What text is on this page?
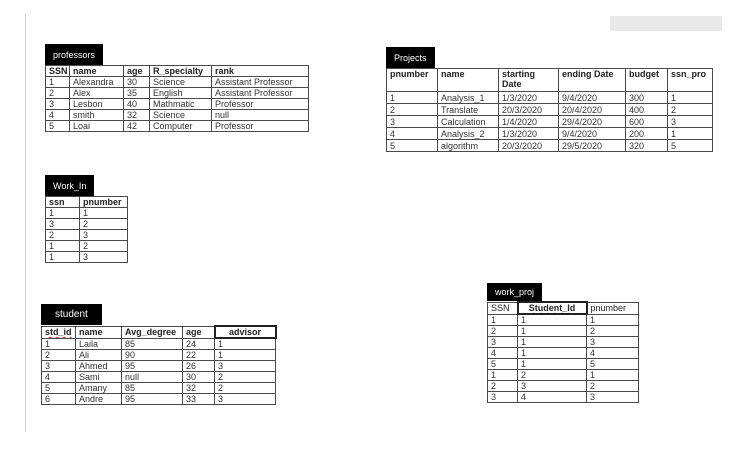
professors
SSN	name	age	R_specialty	rank
1	Alexandra	30	Science	Assistant Professor
2	Alex	35	English	Assistant Professor
3	Lesbon	40	Mathmatic	Professor
4	smith	32	Science	null
5	Loai	42	Computer	Professor
Projects
pnumber	name	starting Date	ending Date	budget	ssn_pro
1	Analysis_1	1/3/2020	9/4/2020	300	1
2	Translate	20/3/2020	20/4/2020	400	2
3	Calculation	1/4/2020	29/4/2020	600	3
4	Analysis_2	1/3/2020	9/4/2020	200	1
5	algorithm	20/3/2020	29/5/2020	320	5
Work_In
ssn	pnumber
1	1
3	2
2	3
1	2
1	3
student
std_id	name	Avg_degree	age	advisor
1	Laila	85	24	1
2	Ali	90	22	1
3	Ahmed	95	26	3
4	Sami	null	30	2
5	Amany	85	32	2
6	Andre	95	33	3
work_proj
SSN	Student_Id	pnumber
1	1	1
2	1	2
3	1	3
4	1	4
5	1	5
1	2	1
2	3	2
3	4	3
